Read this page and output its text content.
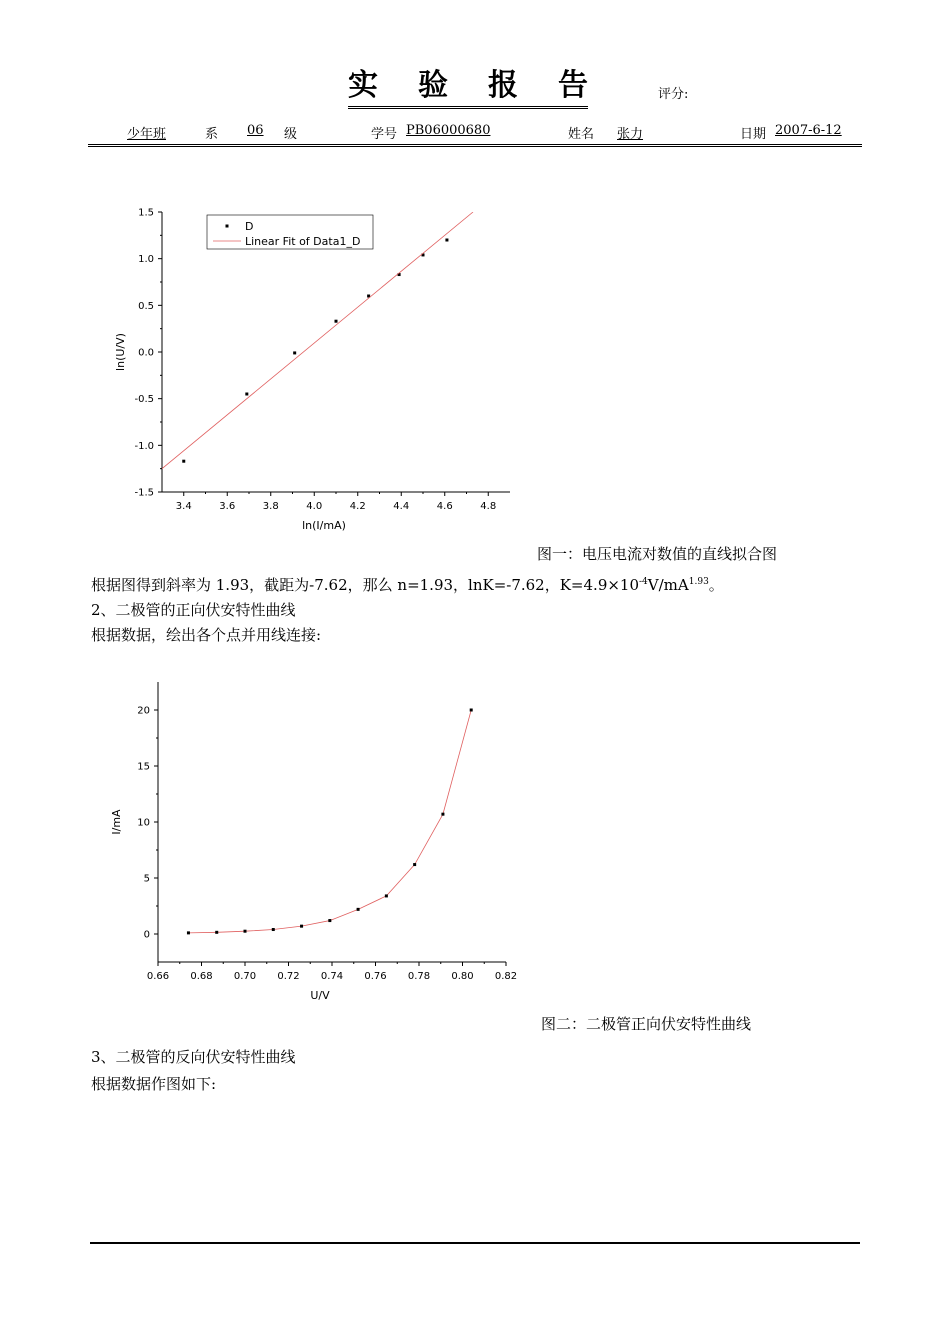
实 验 报 告	评分:
少年班	系	06	级	学号 PB06000680	姓名	张力	日期 2007-6-12
3.4	3.6	3.8	4.0	4.2	4.4	4.6	4.8
-1.5
-1.0
-0.5
0.0
0.5
1.0
1.5
ln(I/mA)
ln(U/V)
D
Linear Fit of Data1_D
图一：电压电流对数值的直线拟合图
根据图得到斜率为 1.93，截距为-7.62，那么 n=1.93，lnK=-7.62，$K=4.9\times 10^{-4}V/mA^{1.93}$。
2、二极管的正向伏安特性曲线
根据数据，绘出各个点并用线连接:
0.66 0.68 0.70 0.72 0.74 0.76 0.78 0.80 0.82
0
5
10
15
20
U/V
I/mA
图二：二极管正向伏安特性曲线
3、二极管的反向伏安特性曲线
根据数据作图如下:
